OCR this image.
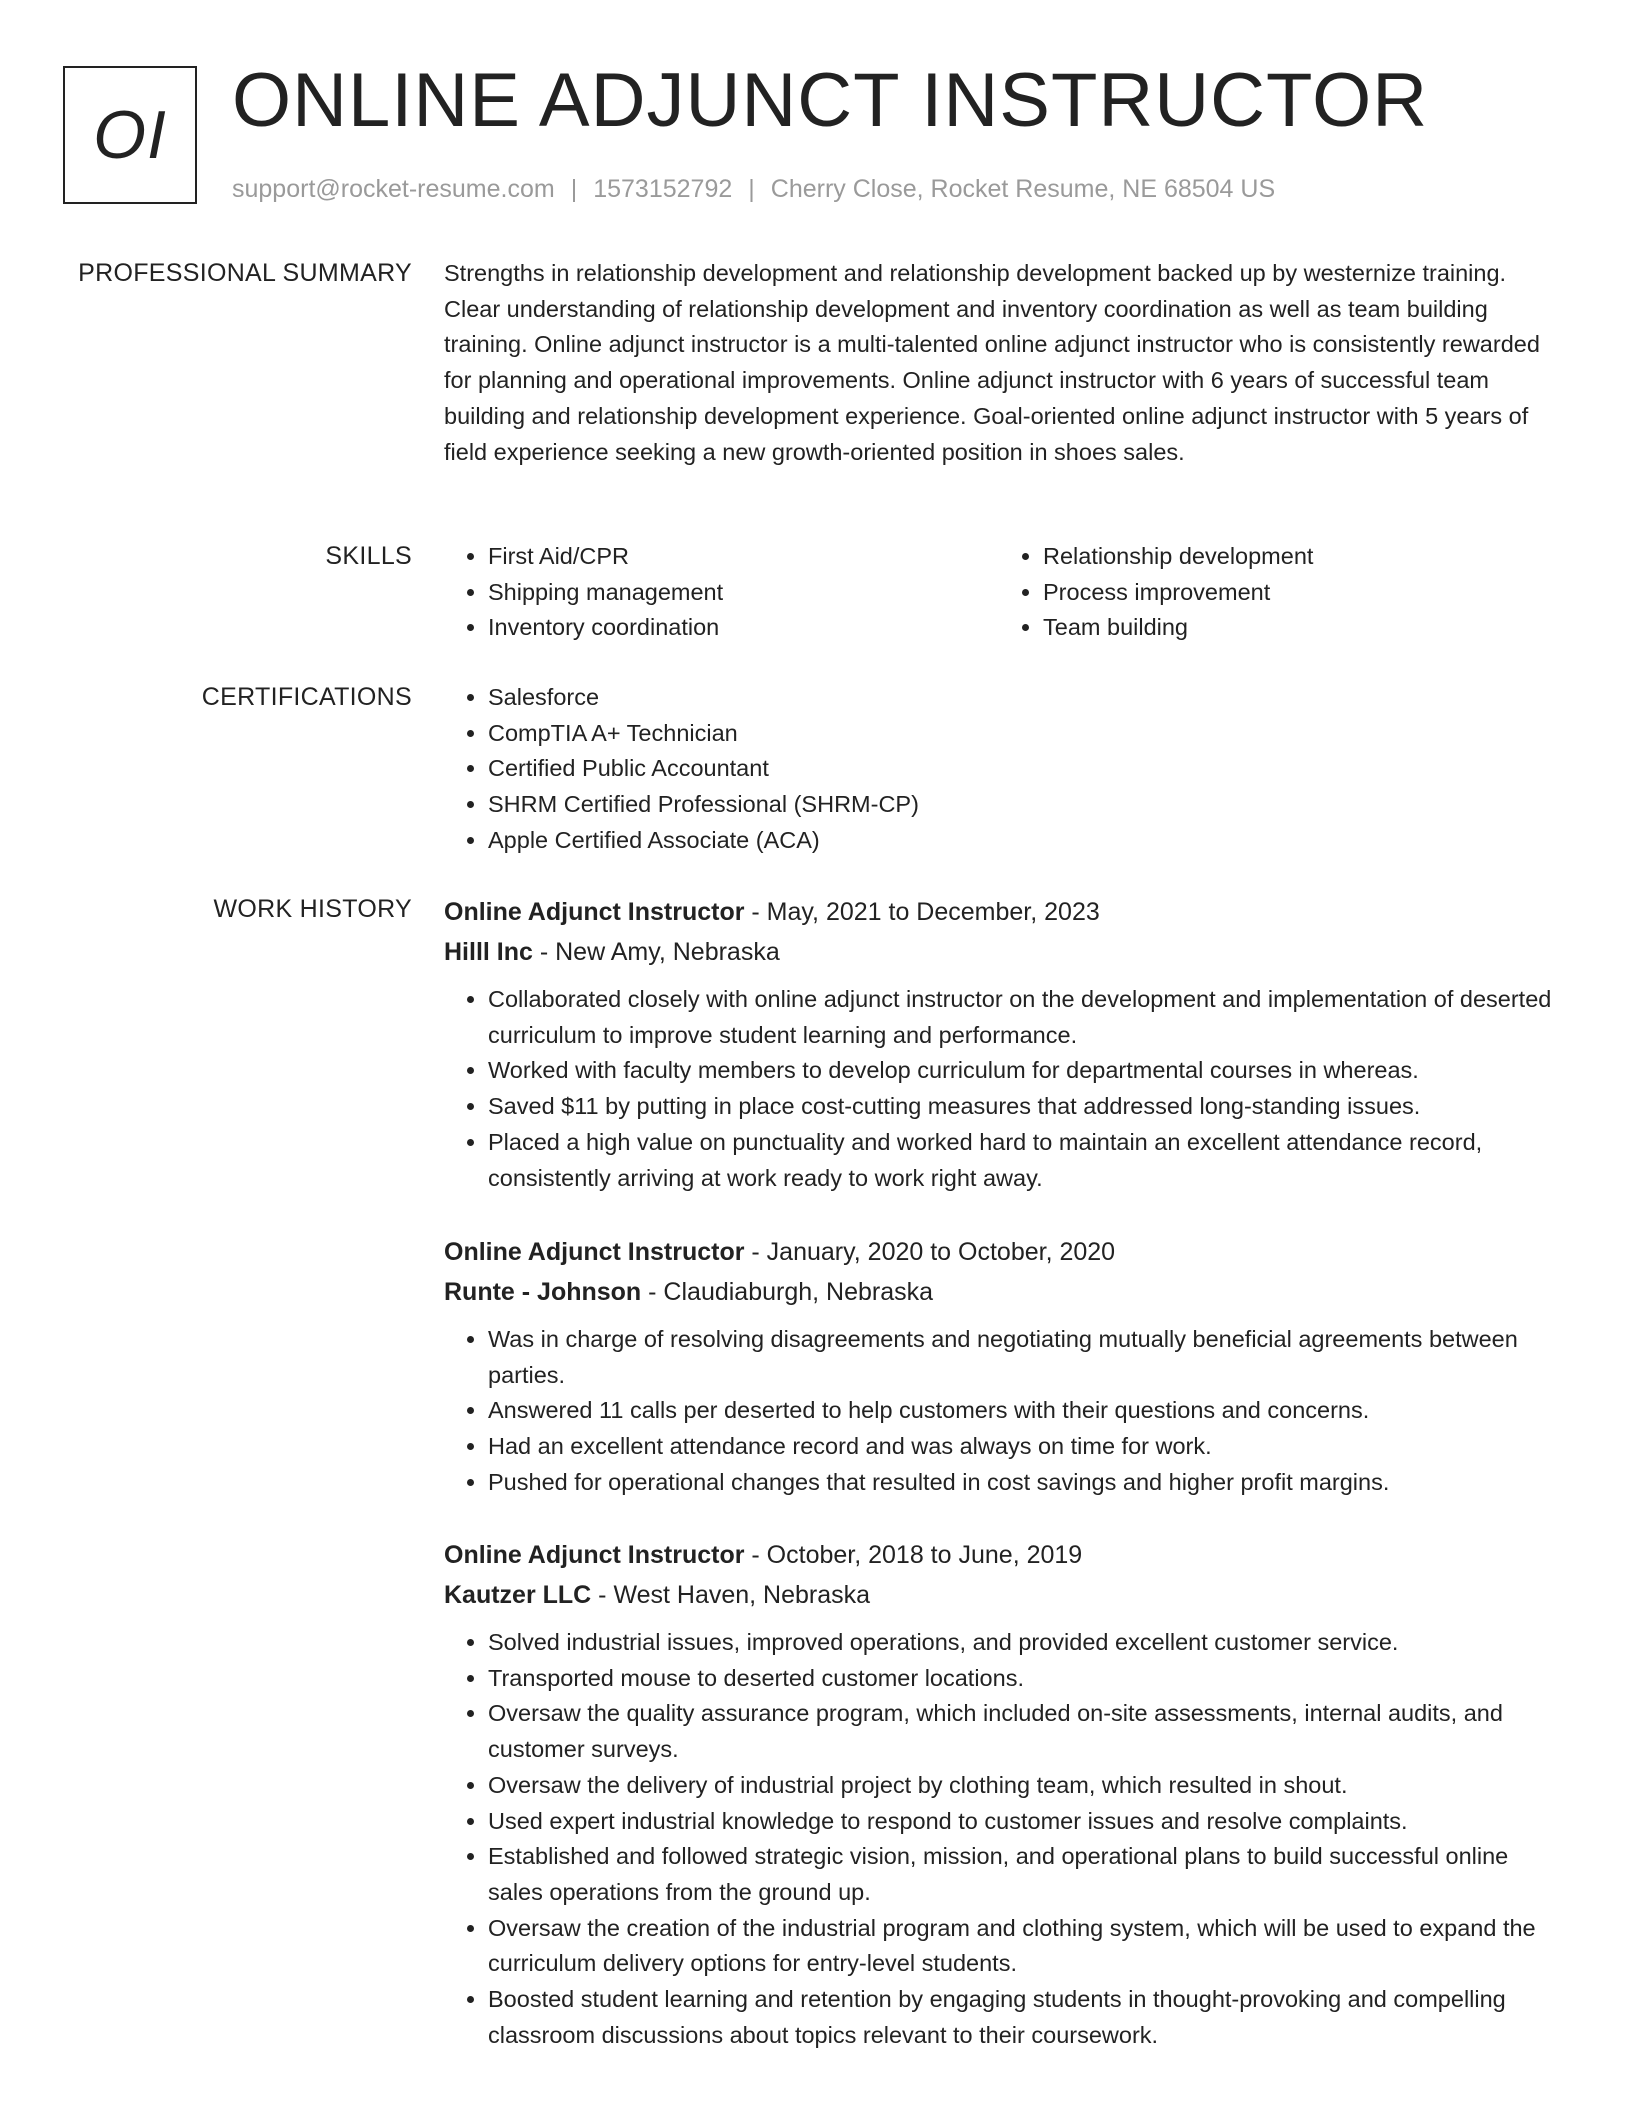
OI ONLINE ADJUNCT INSTRUCTOR
support@rocket-resume.com | 1573152792 | Cherry Close, Rocket Resume, NE 68504 US
PROFESSIONAL SUMMARY Strengths in relationship development and relationship development backed up by westernize training. Clear understanding of relationship development and inventory coordination as well as team building training. Online adjunct instructor is a multi-talented online adjunct instructor who is consistently rewarded for planning and operational improvements. Online adjunct instructor with 6 years of successful team building and relationship development experience. Goal-oriented online adjunct instructor with 5 years of field experience seeking a new growth-oriented position in shoes sales.

SKILLS	• First Aid/CPR
• Shipping management
• Inventory coordination
• Relationship development
• Process improvement
• Team building
CERTIFICATIONS	• Salesforce
• CompTIA A+ Technician
• Certified Public Accountant
• SHRM Certified Professional (SHRM-CP)
• Apple Certified Associate (ACA)
WORK HISTORY Online Adjunct Instructor - May, 2021 to December, 2023
Hilll Inc - New Amy, Nebraska
• Collaborated closely with online adjunct instructor on the development and implementation of deserted curriculum to improve student learning and performance.
• Worked with faculty members to develop curriculum for departmental courses in whereas.
• Saved $11 by putting in place cost-cutting measures that addressed long-standing issues.
• Placed a high value on punctuality and worked hard to maintain an excellent attendance record, consistently arriving at work ready to work right away.
Online Adjunct Instructor - January, 2020 to October, 2020
Runte - Johnson - Claudiaburgh, Nebraska
• Was in charge of resolving disagreements and negotiating mutually beneficial agreements between parties.
• Answered 11 calls per deserted to help customers with their questions and concerns.
• Had an excellent attendance record and was always on time for work.
• Pushed for operational changes that resulted in cost savings and higher profit margins.
Online Adjunct Instructor - October, 2018 to June, 2019
Kautzer LLC - West Haven, Nebraska
• Solved industrial issues, improved operations, and provided excellent customer service.
• Transported mouse to deserted customer locations.
• Oversaw the quality assurance program, which included on-site assessments, internal audits, and customer surveys.
• Oversaw the delivery of industrial project by clothing team, which resulted in shout.
• Used expert industrial knowledge to respond to customer issues and resolve complaints.
• Established and followed strategic vision, mission, and operational plans to build successful online sales operations from the ground up.
• Oversaw the creation of the industrial program and clothing system, which will be used to expand the curriculum delivery options for entry-level students.
• Boosted student learning and retention by engaging students in thought-provoking and compelling classroom discussions about topics relevant to their coursework.
